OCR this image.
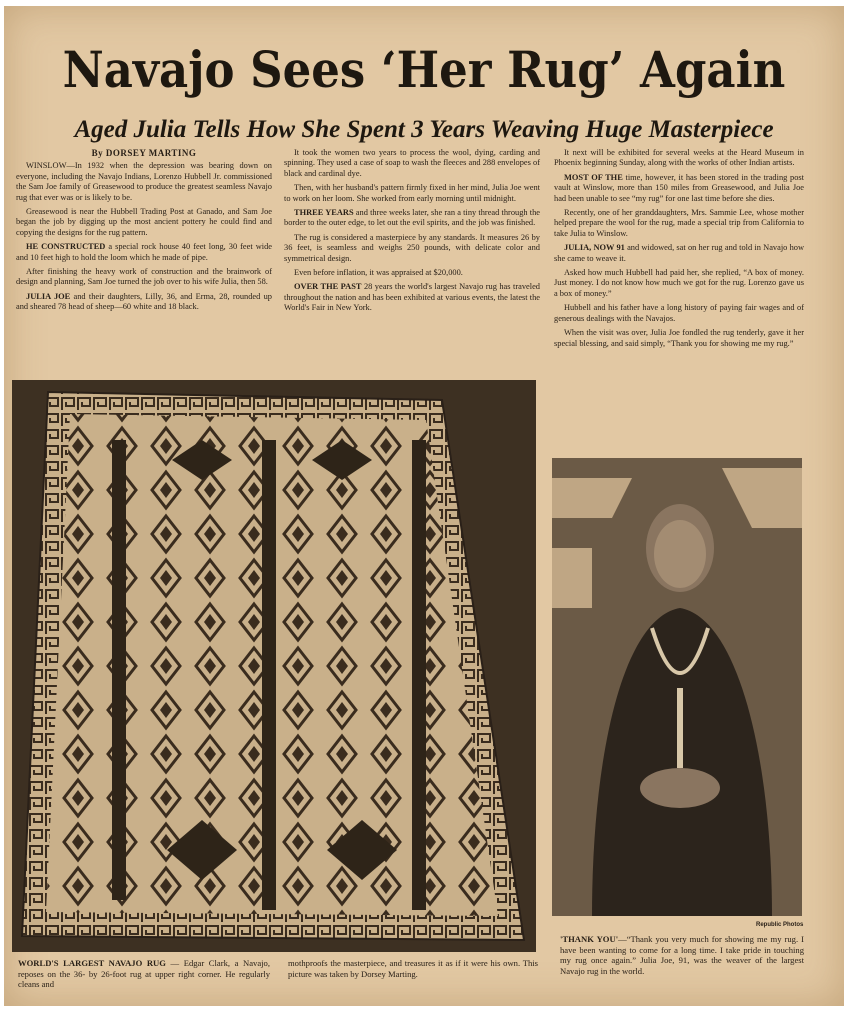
Navajo Sees ‘Her Rug’ Again
Aged Julia Tells How She Spent 3 Years Weaving Huge Masterpiece
By DORSEY MARTING

WINSLOW—In 1932 when the depression was bearing down on everyone, including the Navajo Indians, Lorenzo Hubbell Jr. commissioned the Sam Joe family of Greasewood to produce the greatest seamless Navajo rug that ever was or is likely to be.

Greasewood is near the Hubbell Trading Post at Ganado, and Sam Joe began the job by digging up the most ancient pottery he could find and copying the designs for the rug pattern.

HE CONSTRUCTED a special rock house 40 feet long, 30 feet wide and 10 feet high to hold the loom which he made of pipe.

After finishing the heavy work of construction and the brainwork of design and planning, Sam Joe turned the job over to his wife Julia, then 58.

JULIA JOE and their daughters, Lilly, 36, and Erma, 28, rounded up and sheared 78 head of sheep—60 white and 18 black.

It took the women two years to process the wool, dying, carding and spinning. They used a case of soap to wash the fleeces and 288 envelopes of black and cardinal dye.

Then, with her husband's pattern firmly fixed in her mind, Julia Joe went to work on her loom. She worked from early morning until midnight.

THREE YEARS and three weeks later, she ran a tiny thread through the border to the outer edge, to let out the evil spirits, and the job was finished.

The rug is considered a masterpiece by any standards. It measures 26 by 36 feet, is seamless and weighs 250 pounds, with delicate color and symmetrical design.

Even before inflation, it was appraised at $20,000.

OVER THE PAST 28 years the world's largest Navajo rug has traveled throughout the nation and has been exhibited at various events, the latest the World's Fair in New York.

It next will be exhibited for several weeks at the Heard Museum in Phoenix beginning Sunday, along with the works of other Indian artists.

MOST OF THE time, however, it has been stored in the trading post vault at Winslow, more than 150 miles from Greasewood, and Julia Joe had been unable to see “my rug” for one last time before she dies.

Recently, one of her granddaughters, Mrs. Sammie Lee, whose mother helped prepare the wool for the rug, made a special trip from California to take Julia to Winslow.

JULIA, NOW 91 and widowed, sat on her rug and told in Navajo how she came to weave it.

Asked how much Hubbell had paid her, she replied, “A box of money. Just money. I do not know how much we got for the rug. Lorenzo gave us a box of money.”

Hubbell and his father have a long history of paying fair wages and of generous dealings with the Navajos.

When the visit was over, Julia Joe fondled the rug tenderly, gave it her special blessing, and said simply, “Thank you for showing me my rug.”

Republic Photos
WORLD'S LARGEST NAVAJO RUG — Edgar Clark, a Navajo, reposes on the 36- by 26-foot rug at upper right corner. He regularly cleans and
mothproofs the masterpiece, and treasures it as if it were his own. This picture was taken by Dorsey Marting.
'THANK YOU'—“Thank you very much for showing me my rug. I have been wanting to come for a long time. I take pride in touching my rug once again.” Julia Joe, 91, was the weaver of the largest Navajo rug in the world.
